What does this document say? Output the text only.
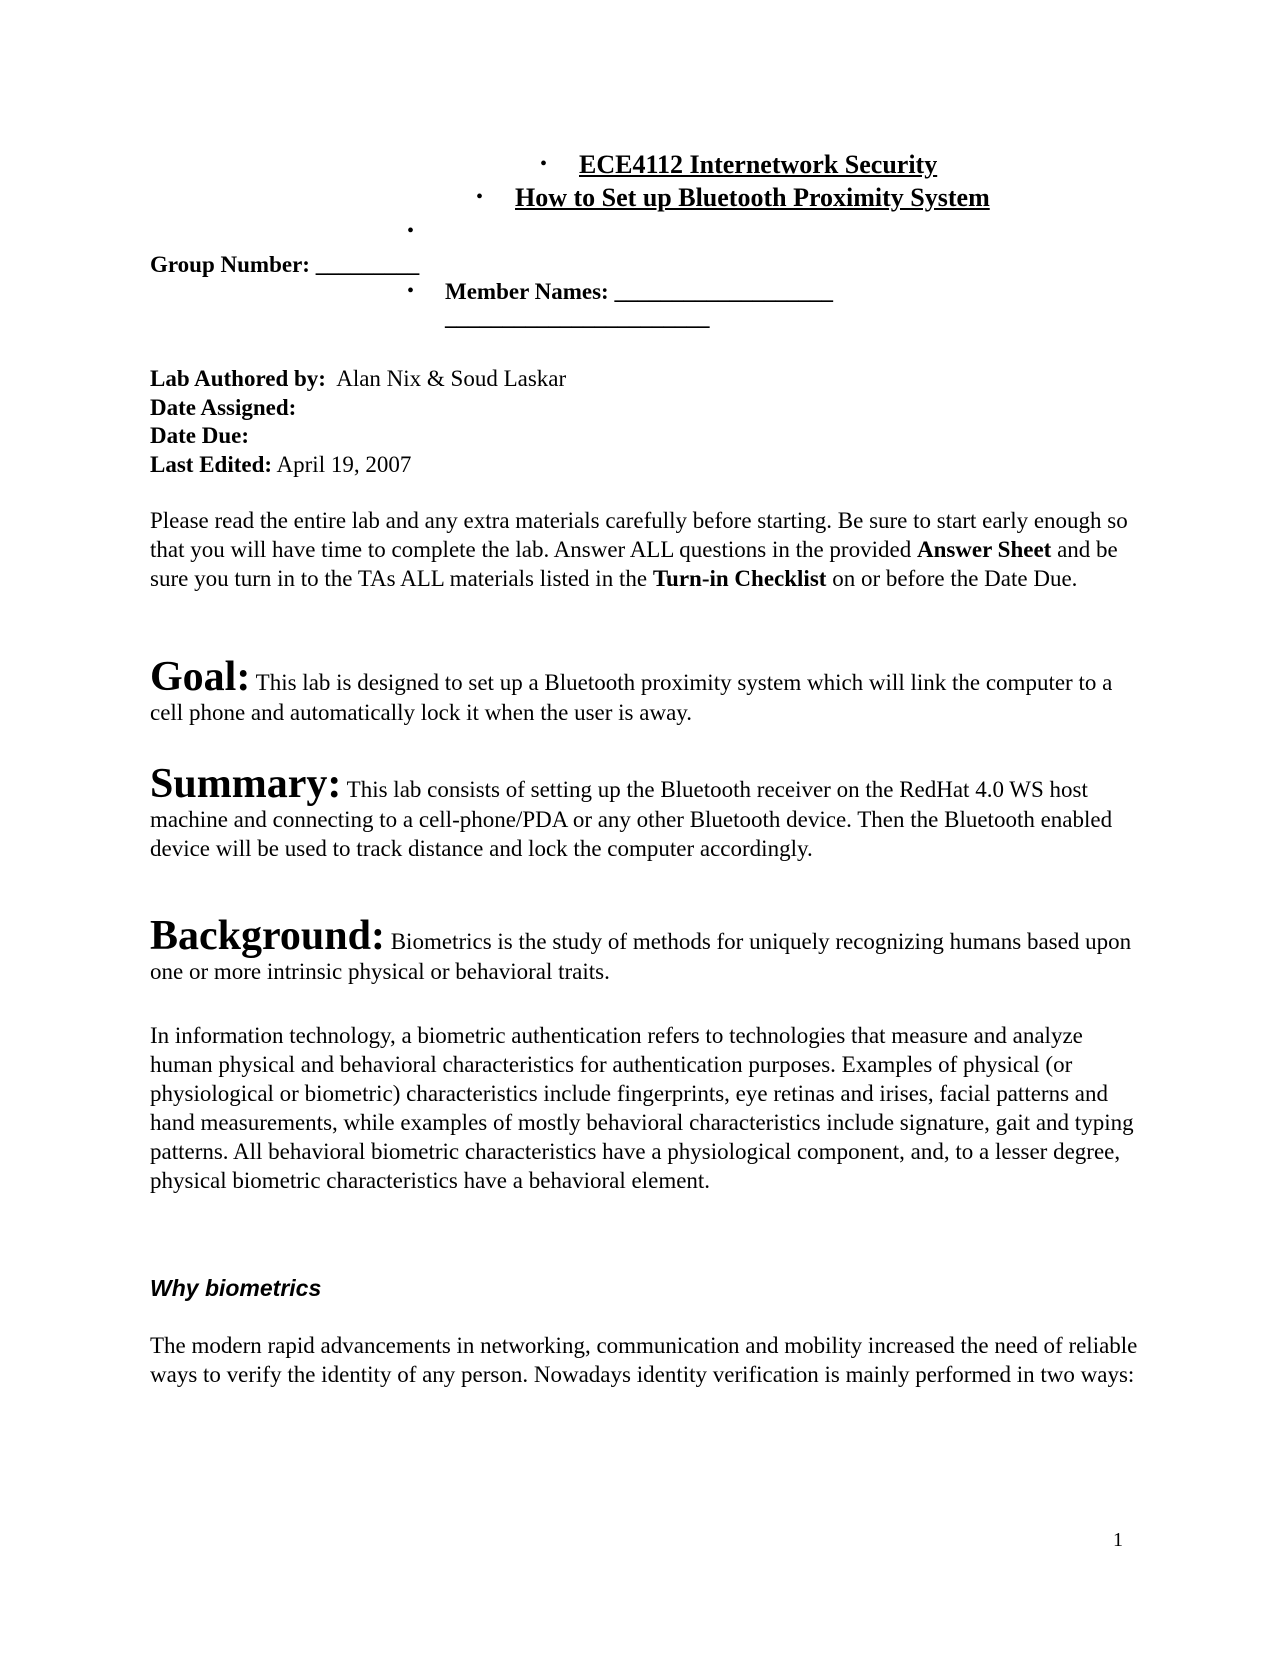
• ECE4112 Internetwork Security
• How to Set up Bluetooth Proximity System
•
Group Number: _________
• Member Names: ___________________
_______________________
Lab Authored by: Alan Nix & Soud Laskar
Date Assigned:
Date Due:
Last Edited: April 19, 2007
Please read the entire lab and any extra materials carefully before starting. Be sure to start early enough so that you will have time to complete the lab. Answer ALL questions in the provided Answer Sheet and be sure you turn in to the TAs ALL materials listed in the Turn-in Checklist on or before the Date Due.
Goal: This lab is designed to set up a Bluetooth proximity system which will link the computer to a cell phone and automatically lock it when the user is away.
Summary: This lab consists of setting up the Bluetooth receiver on the RedHat 4.0 WS host machine and connecting to a cell-phone/PDA or any other Bluetooth device. Then the Bluetooth enabled device will be used to track distance and lock the computer accordingly.
Background: Biometrics is the study of methods for uniquely recognizing humans based upon one or more intrinsic physical or behavioral traits.
In information technology, a biometric authentication refers to technologies that measure and analyze human physical and behavioral characteristics for authentication purposes. Examples of physical (or physiological or biometric) characteristics include fingerprints, eye retinas and irises, facial patterns and hand measurements, while examples of mostly behavioral characteristics include signature, gait and typing patterns. All behavioral biometric characteristics have a physiological component, and, to a lesser degree, physical biometric characteristics have a behavioral element.
Why biometrics
The modern rapid advancements in networking, communication and mobility increased the need of reliable ways to verify the identity of any person. Nowadays identity verification is mainly performed in two ways:
1
